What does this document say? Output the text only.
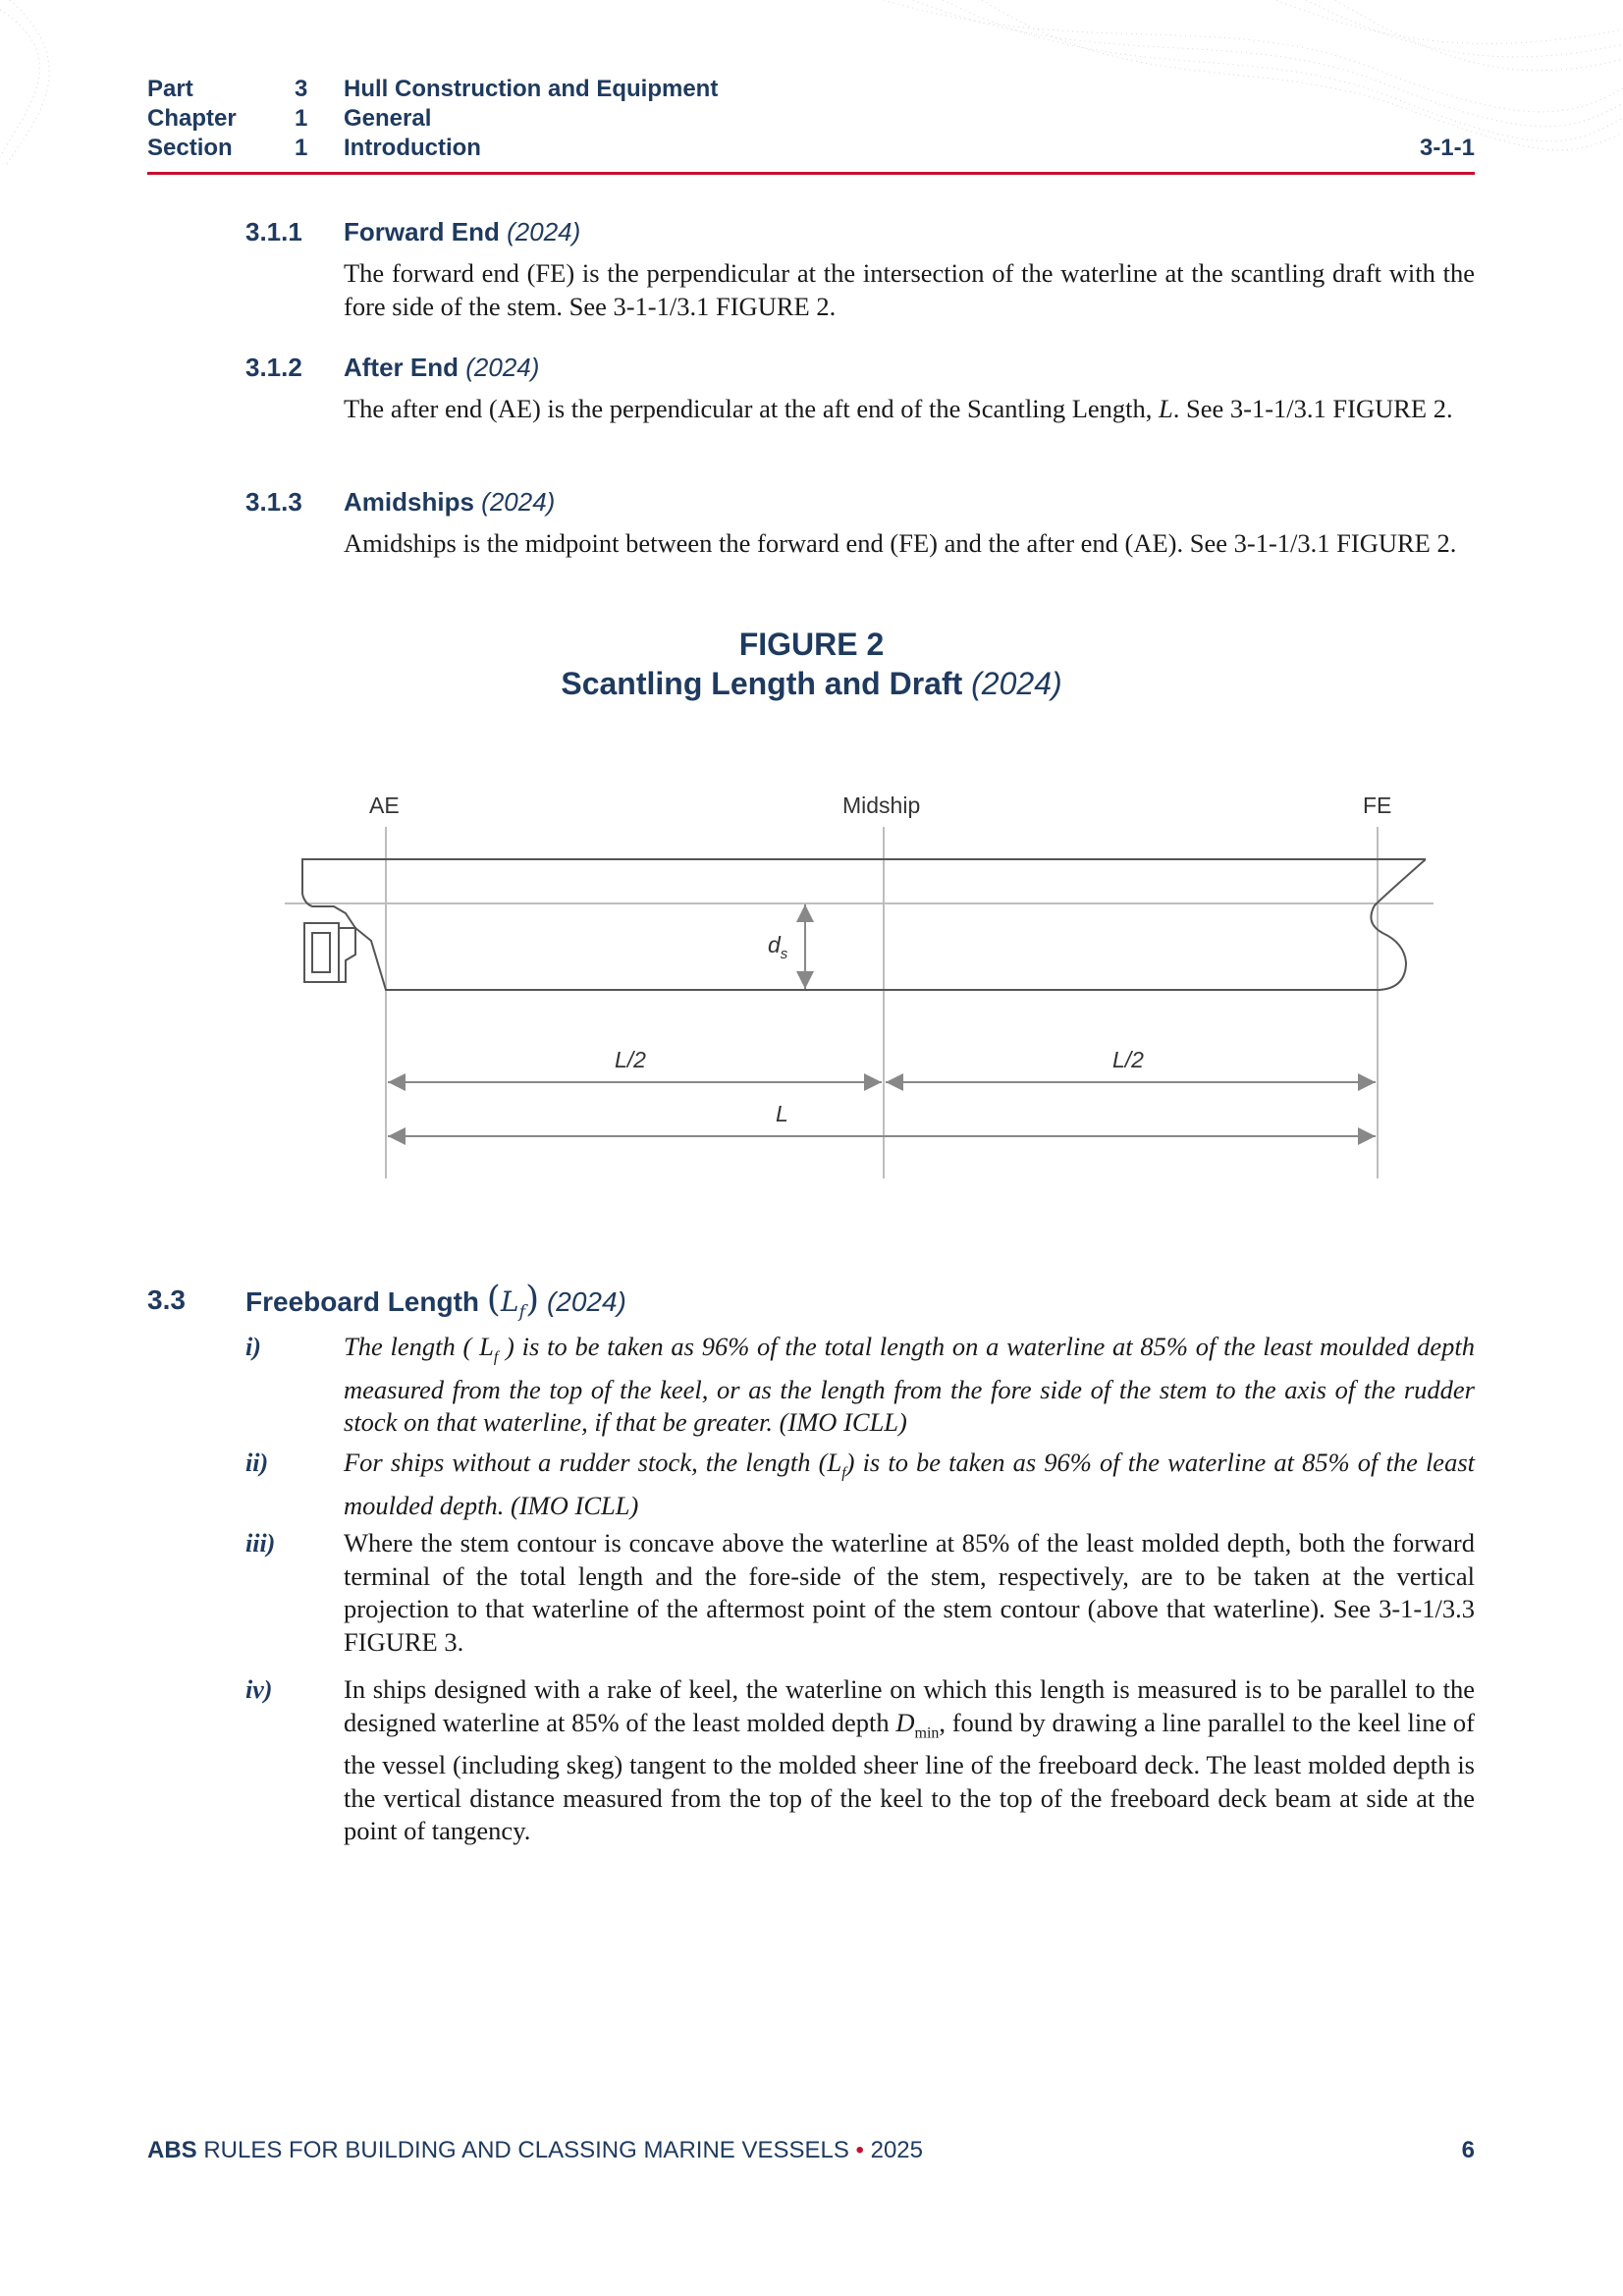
Part	3 Hull Construction and Equipment
Chapter 1 General
Section	1 Introduction	3-1-1
3.1.1 Forward End (2024)
The forward end (FE) is the perpendicular at the intersection of the waterline at the scantling draft with the fore side of the stem. See 3-1-1/3.1 FIGURE 2.
3.1.2 After End (2024)
The after end (AE) is the perpendicular at the aft end of the Scantling Length, L. See 3-1-1/3.1 FIGURE 2.
3.1.3 Amidships (2024)
Amidships is the midpoint between the forward end (FE) and the after end (AE). See 3-1-1/3.1 FIGURE 2.
FIGURE 2
Scantling Length and Draft (2024)
AE	Midship	FE
$d_s$
L/2	L/2
L
3.3 Freeboard Length $(L_f)$ (2024)
i)	The length ( $L_f$ ) is to be taken as 96% of the total length on a waterline at 85% of the least moulded depth measured from the top of the keel, or as the length from the fore side of the stem to the axis of the rudder stock on that waterline, if that be greater. (IMO ICLL)
ii)	For ships without a rudder stock, the length $(L_f)$ is to be taken as 96% of the waterline at 85% of the least moulded depth. (IMO ICLL)
iii)	Where the stem contour is concave above the waterline at 85% of the least molded depth, both the forward terminal of the total length and the fore-side of the stem, respectively, are to be taken at the vertical projection to that waterline of the aftermost point of the stem contour (above that waterline). See 3-1-1/3.3 FIGURE 3.
iv)	In ships designed with a rake of keel, the waterline on which this length is measured is to be parallel to the designed waterline at 85% of the least molded depth $D_{min}$, found by drawing a line parallel to the keel line of the vessel (including skeg) tangent to the molded sheer line of the freeboard deck. The least molded depth is the vertical distance measured from the top of the keel to the top of the freeboard deck beam at side at the point of tangency.
ABS RULES FOR BUILDING AND CLASSING MARINE VESSELS • 2025	6
